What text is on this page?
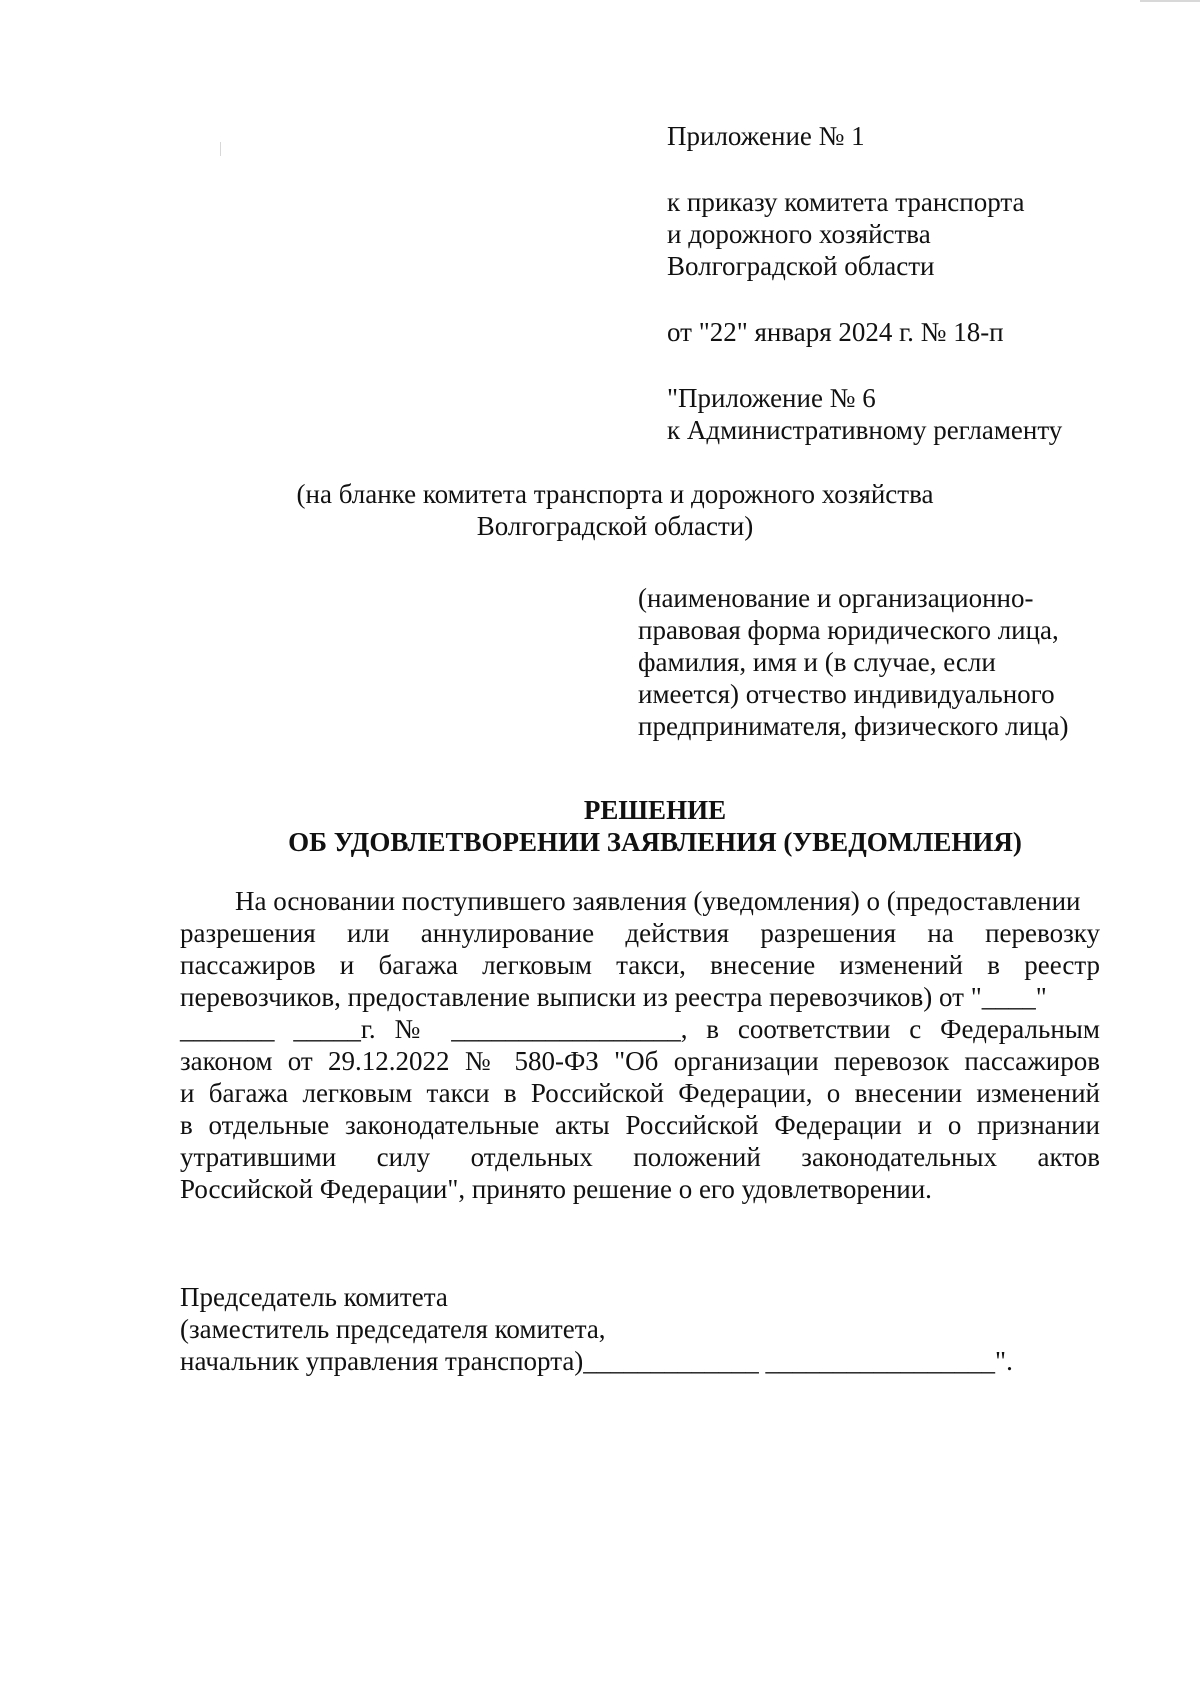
Приложение № 1

к приказу комитета транспорта

и дорожного хозяйства

Волгоградской области

от "22" января 2024 г. № 18-п

"Приложение № 6

к Административному регламенту

(на бланке комитета транспорта и дорожного хозяйства

Волгоградской области)

(наименование и организационно-

правовая форма юридического лица,

фамилия, имя и (в случае, если

имеется) отчество индивидуального

предпринимателя, физического лица)

РЕШЕНИЕ

ОБ УДОВЛЕТВОРЕНИИ ЗАЯВЛЕНИЯ (УВЕДОМЛЕНИЯ)

На основании поступившего заявления (уведомления) о (предоставлении

разрешения или аннулирование действия разрешения на перевозку

пассажиров и багажа легковым такси, внесение изменений в реестр

перевозчиков, предоставление выписки из реестра перевозчиков) от "____"

_______ _____г. № _________________, в соответствии с Федеральным

законом от 29.12.2022 № 580-ФЗ "Об организации перевозок пассажиров

и багажа легковым такси в Российской Федерации, о внесении изменений

в отдельные законодательные акты Российской Федерации и о признании

утратившими силу отдельных положений законодательных актов

Российской Федерации", принято решение о его удовлетворении.

Председатель комитета

(заместитель председателя комитета,

начальник управления транспорта)_____________ _________________".
